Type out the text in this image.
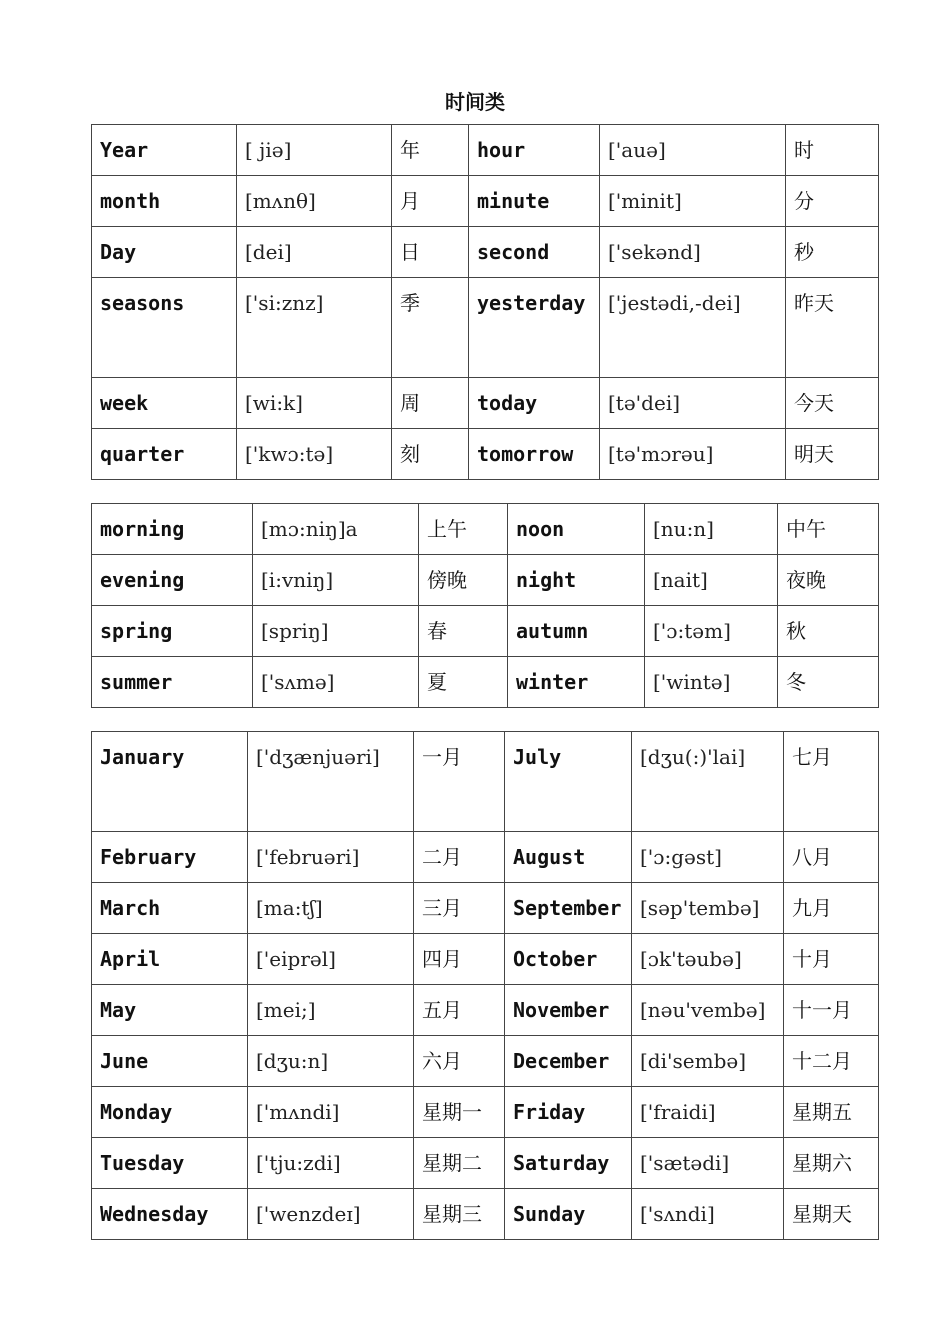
时间类
Year	[ jiə]	年	hour	['auə]	时
month	[mʌnθ]	月	minute	['minit]	分
Day	[dei]	日	second	['sekənd]	秒
seasons	['si:znz]	季	yesterday	['jestədi,-dei]	昨天
week	[wi:k]	周	today	[tə'dei]	今天
quarter	['kwɔ:tə]	刻	tomorrow	[tə'mɔrəu]	明天
morning	[mɔ:niŋ]a	上午	noon	[nu:n]	中午
evening	[i:vniŋ]	傍晚	night	[nait]	夜晚
spring	[spriŋ]	春	autumn	['ɔ:təm]	秋
summer	['sʌmə]	夏	winter	['wintə]	冬
January	['dʒænjuəri]	一月	July	[dʒu(:)'lai]	七月
February	['februəri]	二月	August	['ɔ:gəst]	八月
March	[ma:tʃ]	三月	September	[səp'tembə]	九月
April	['eiprəl]	四月	October	[ɔk'təubə]	十月
May	[mei;]	五月	November	[nəu'vembə]	十一月
June	[dʒu:n]	六月	December	[di'sembə]	十二月
Monday	['mʌndi]	星期一	Friday	['fraidi]	星期五
Tuesday	['tju:zdi]	星期二	Saturday	['sætədi]	星期六
Wednesday	['wenzdeɪ]	星期三	Sunday	['sʌndi]	星期天
